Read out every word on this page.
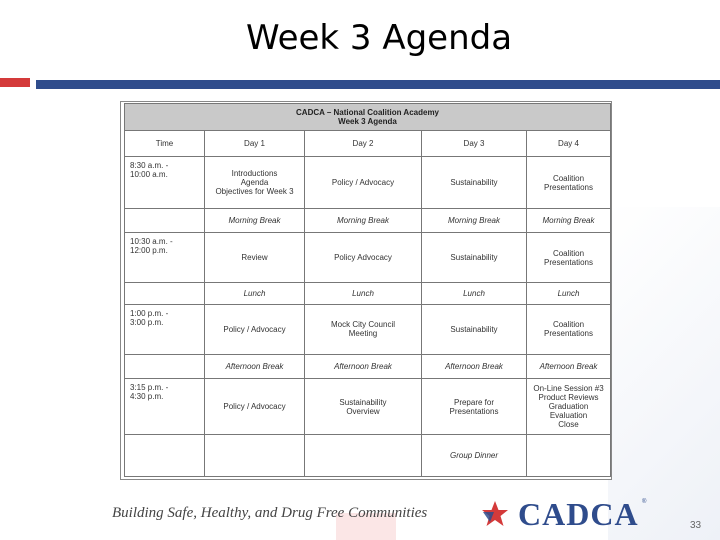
Week 3 Agenda
CADCA – National Coalition Academy
Week 3 Agenda				

Time	Day 1	Day 2	Day 3	Day 4

8:30 a.m. -
10:00 a.m.	Introductions
Agenda
Objectives for Week 3	Policy / Advocacy	Sustainability	Coalition
Presentations

	Morning Break	Morning Break	Morning Break	Morning Break

10:30 a.m. -
12:00 p.m.	Review	Policy Advocacy	Sustainability	Coalition
Presentations

	Lunch	Lunch	Lunch	Lunch

1:00 p.m. -
3:00 p.m.	Policy / Advocacy	Mock City Council
Meeting	Sustainability	Coalition
Presentations

	Afternoon Break	Afternoon Break	Afternoon Break	Afternoon Break

3:15 p.m. -
4:30 p.m.	Policy / Advocacy	Sustainability
Overview	Prepare for
Presentations	On-Line Session #3
Product Reviews
Graduation
Evaluation
Close

			Group Dinner	
Building Safe, Healthy, and Drug Free Communities	CADCA ®
33
